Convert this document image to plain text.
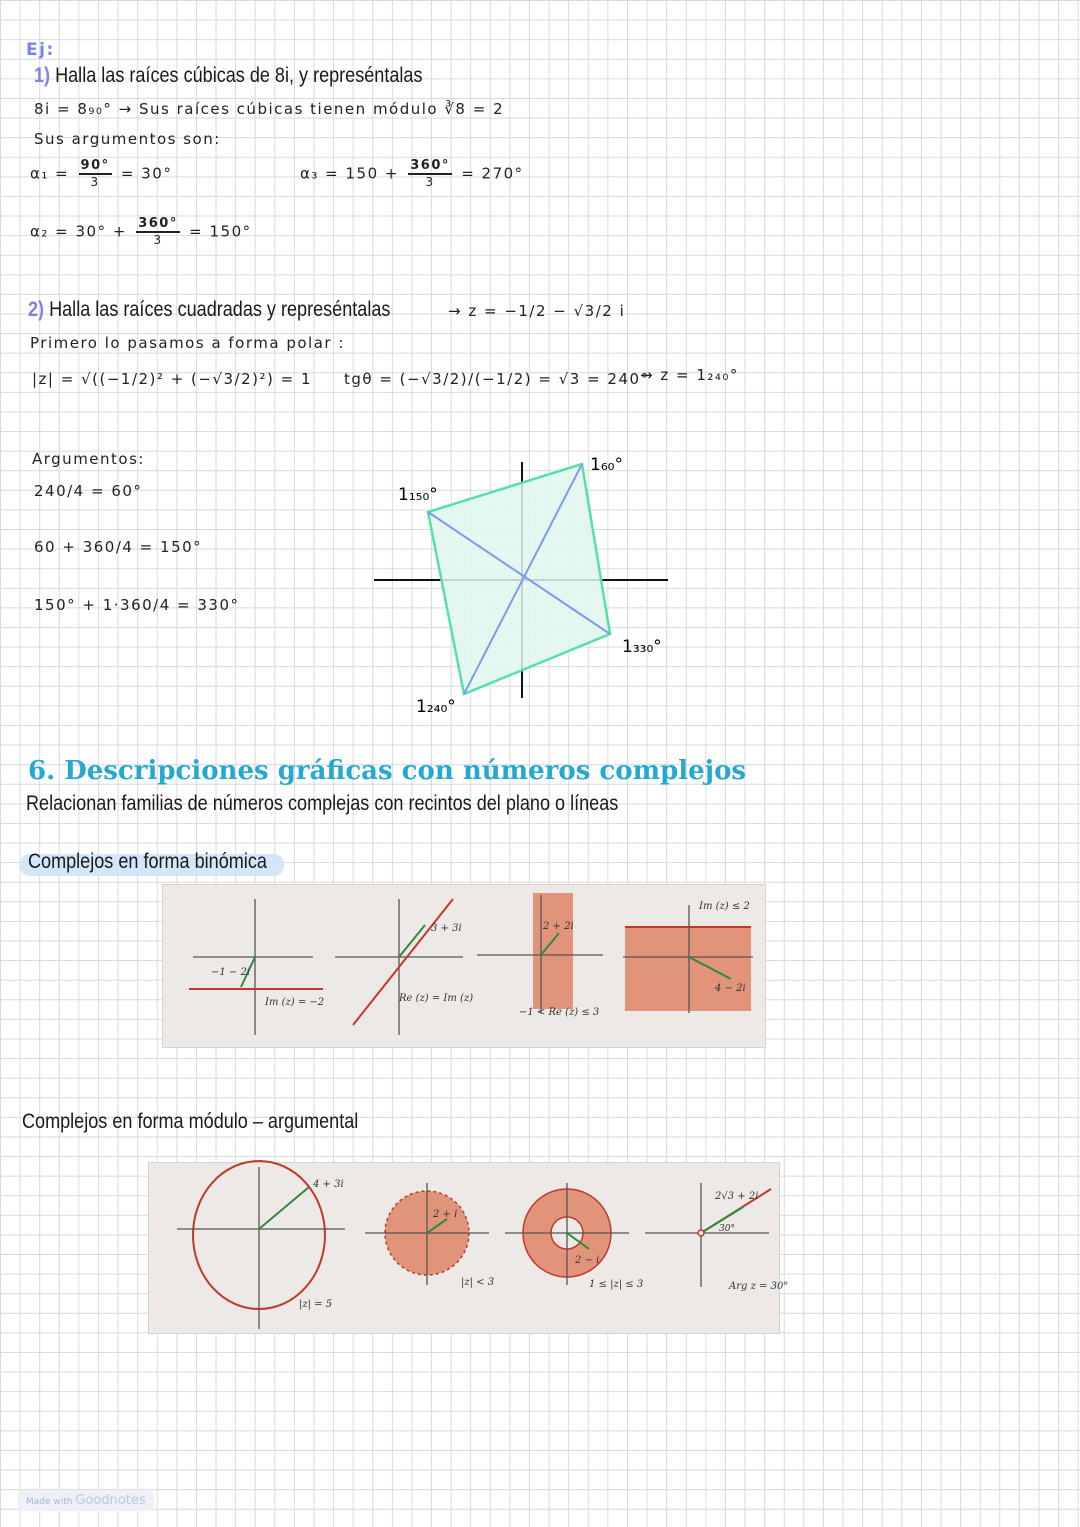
Ej:
1) Halla las raíces cúbicas de 8i, y represéntalas
8i = 8₉₀° → Sus raíces cúbicas tienen módulo ∛8 = 2
Sus argumentos son:
$\alpha_1 = \frac{90^\circ}{3} = 30^\circ$	$\alpha_3 = 150 + \frac{360^\circ}{3} = 270^\circ$
$\alpha_2 = 30^\circ + \frac{360^\circ}{3} = 150^\circ$
2) Halla las raíces cuadradas y represéntalas	→ z = −1/2 − √3/2 i
Primero lo pasamos a forma polar :
|z| = √((−1/2)² + (−√3/2)²) = 1 tgθ = (−√3/2)/(−1/2) = √3 = 240°
→ z = 1₂₄₀°
Argumentos:
240/4 = 60°
60 + 360/4 = 150°
150° + 1·360/4 = 330°
1₆₀°
1₁₅₀°
1₃₃₀°
1₂₄₀°
6. Descripciones gráficas con números complejos
Relacionan familias de números complejas con recintos del plano o líneas
Complejos en forma binómica
−1 − 2i
Im (z) = −2
3 + 3i
Re (z) = Im (z)
2 + 2i
−1 < Re (z) ≤ 3
Im (z) ≤ 2
4 − 2i
Complejos en forma módulo – argumental
4 + 3i
|z| = 5
2 + i
|z| < 3
2 − i
1 ≤ |z| ≤ 3
2√3 + 2i
30°
Arg z = 30°
Made with Goodnotes
